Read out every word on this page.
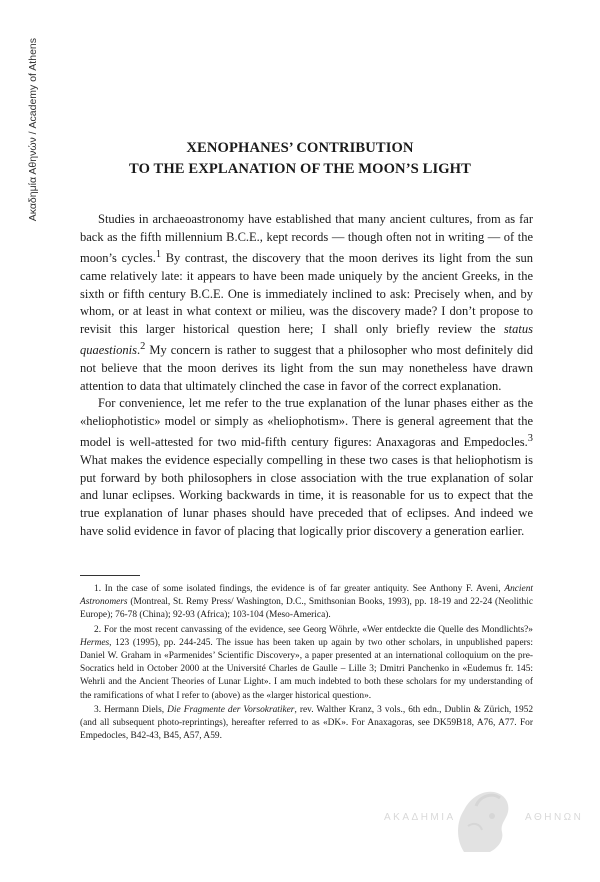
Ακαδημία Αθηνών / Academy of Athens	XENOPHANES’ CONTRIBUTION
TO THE EXPLANATION OF THE MOON’S LIGHT

Studies in archaeoastronomy have established that many ancient cultures, from as far back as the fifth millennium B.C.E., kept records — though often not in writing — of the moon’s cycles.$^1$ By contrast, the discovery that the moon derives its light from the sun came relatively late: it appears to have been made uniquely by the ancient Greeks, in the sixth or fifth century B.C.E. One is immediately inclined to ask: Precisely when, and by whom, or at least in what context or milieu, was the discovery made? I don’t propose to revisit this larger historical question here; I shall only briefly review the status quaestionis.$^2$ My concern is rather to suggest that a philosopher who most definitely did not believe that the moon derives its light from the sun may nonetheless have drawn attention to data that ultimately clinched the case in favor of the correct explanation.

For convenience, let me refer to the true explanation of the lunar phases either as the «heliophotistic» model or simply as «heliophotism». There is general agreement that the model is well-attested for two mid-fifth century figures: Anaxagoras and Empedocles.$^3$ What makes the evidence especially compelling in these two cases is that heliophotism is put forward by both philosophers in close association with the true explanation of solar and lunar eclipses. Working backwards in time, it is reasonable for us to expect that the true explanation of lunar phases should have preceded that of eclipses. And indeed we have solid evidence in favor of placing that logically prior discovery a generation earlier.

1. In the case of some isolated findings, the evidence is of far greater antiquity. See Anthony F. Aveni, Ancient Astronomers (Montreal, St. Remy Press/ Washington, D.C., Smithsonian Books, 1993), pp. 18-19 and 22-24 (Neolithic Europe); 76-78 (China); 92-93 (Africa); 103-104 (Meso-America).

2. For the most recent canvassing of the evidence, see Georg Wöhrle, «Wer entdeckte die Quelle des Mondlichts?» Hermes, 123 (1995), pp. 244-245. The issue has been taken up again by two other scholars, in unpublished papers: Daniel W. Graham in «Parmenides’ Scientific Discovery», a paper presented at an international colloquium on the pre-Socratics held in October 2000 at the Université Charles de Gaulle – Lille 3; Dmitri Panchenko in «Eudemus fr. 145: Wehrli and the Ancient Theories of Lunar Light». I am much indebted to both these scholars for my understanding of the ramifications of what I refer to (above) as the «larger historical question».

3. Hermann Diels, Die Fragmente der Vorsokratiker, rev. Walther Kranz, 3 vols., 6th edn., Dublin & Zürich, 1952 (and all subsequent photo-reprintings), hereafter referred to as «DK». For Anaxagoras, see DK59B18, A76, A77. For Empedocles, B42-43, B45, A57, A59.

ΑΚΑΔΗΜΙΑ	ΑΘΗΝΩΝ
